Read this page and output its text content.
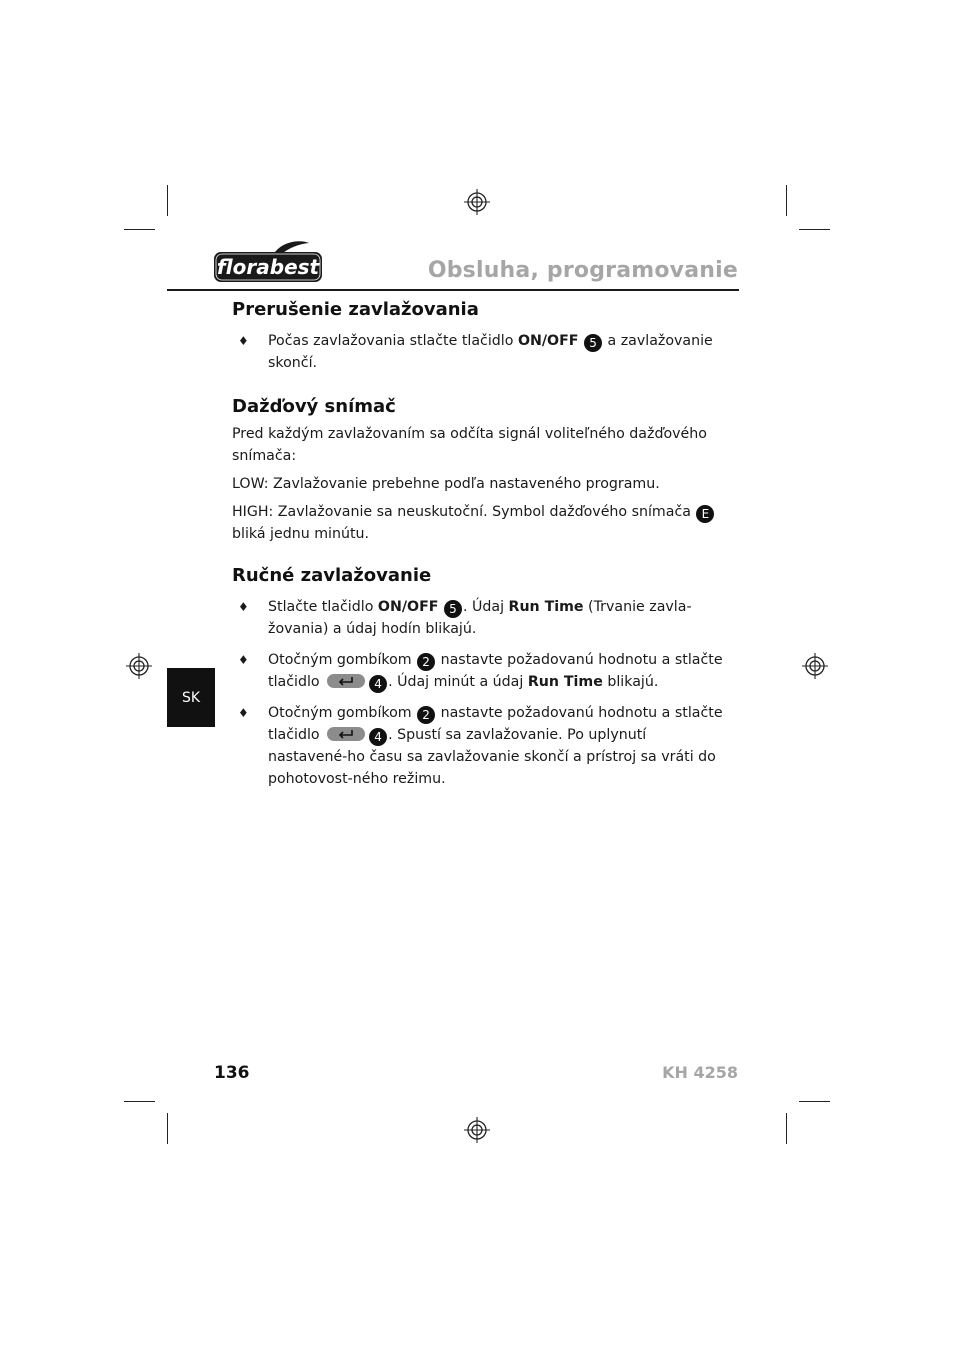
florabest	Obsluha, programovanie
Prerušenie zavlažovania
♦ Počas zavlažovania stlačte tlačidlo ON/OFF 5 a zavlažovanie skončí.
Dažďový snímač

Pred každým zavlažovaním sa odčíta signál voliteľného dažďového snímača:

LOW: Zavlažovanie prebehne podľa nastaveného programu.

HIGH: Zavlažovanie sa neuskutoční. Symbol dažďového snímača E bliká jednu minútu.

Ručné zavlažovanie
♦ Stlačte tlačidlo ON/OFF 5 . Údaj Run Time (Trvanie zavla-žovania) a údaj hodín blikajú.
♦ Otočným gombíkom 2 nastavte požadovanú hodnotu a stlačte tlačidlo	4 . Údaj minút a údaj Run Time blikajú.
♦ Otočným gombíkom 2 nastavte požadovanú hodnotu a stlačte tlačidlo	4 . Spustí sa zavlažovanie. Po uplynutí nastavené-ho času sa zavlažovanie skončí a prístroj sa vráti do pohotovost-ného režimu.
SK
136	KH 4258
